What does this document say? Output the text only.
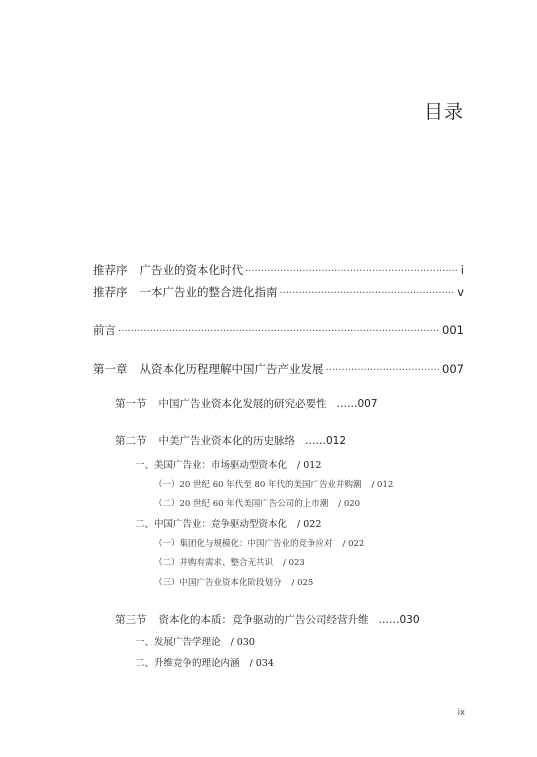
目录
推荐序 广告业的资本化时代 ·····	i
推荐序 一本广告业的整合进化指南 ·····	v
前言 ·····	001
第一章 从资本化历程理解中国广告产业发展 ·····	007
第一节 中国广告业资本化发展的研究必要性 …… 007
第二节 中美广告业资本化的历史脉络 …… 012
一、美国广告业：市场驱动型资本化 / 012
（一）20 世纪 60 年代至 80 年代的美国广告业并购潮 / 012
（二）20 世纪 60 年代美国广告公司的上市潮 / 020
二、中国广告业：竞争驱动型资本化 / 022
（一）集团化与规模化：中国广告业的竞争应对 / 022
（二）并购有需求、整合无共识 / 023
（三）中国广告业资本化阶段划分 / 025
第三节 资本化的本质：竞争驱动的广告公司经营升维 …… 030
一、发展广告学理论 / 030
二、升维竞争的理论内涵 / 034
ix
